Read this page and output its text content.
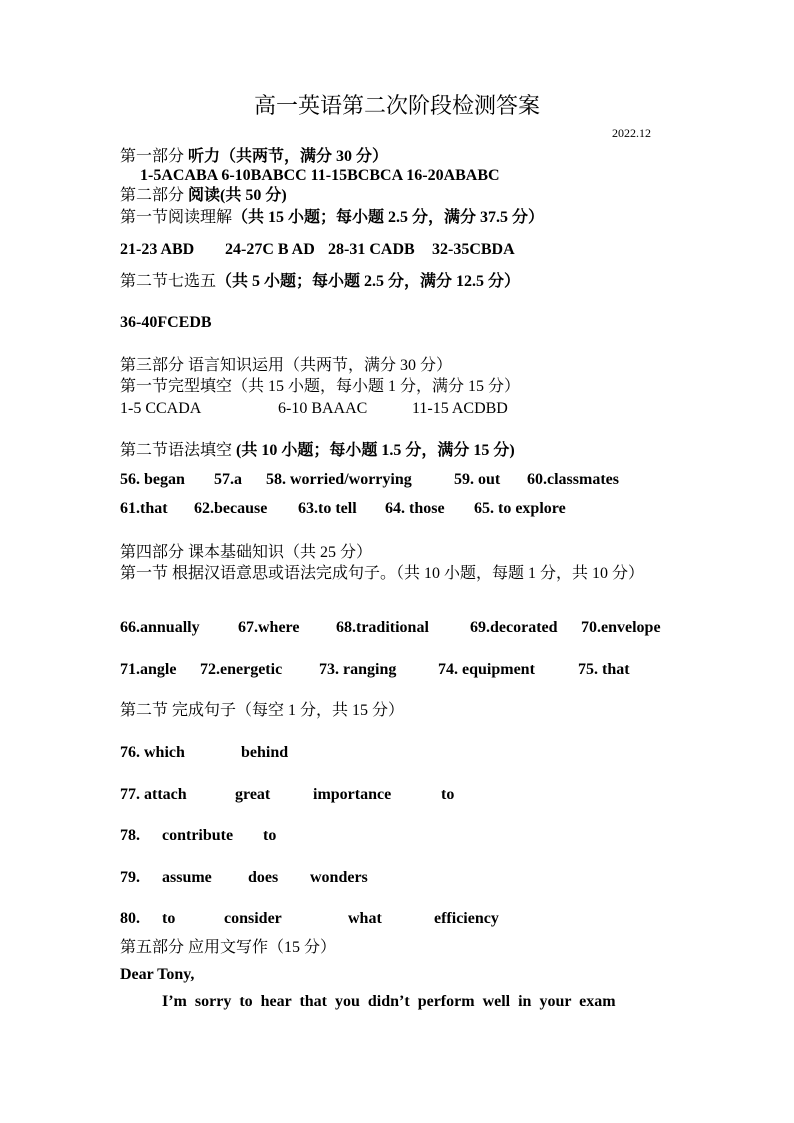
高一英语第二次阶段检测答案
2022.12
第一部分 听力（共两节，满分 30 分）
1-5ACABA 6-10BABCC 11-15BCBCA 16-20ABABC
第二部分 阅读(共 50 分)
第一节阅读理解（共 15 小题；每小题 2.5 分，满分 37.5 分）
21-23 ABD 24-27C B AD 28-31 CADB 32-35CBDA
第二节七选五（共 5 小题；每小题 2.5 分，满分 12.5 分）
36-40FCEDB
第三部分 语言知识运用（共两节，满分 30 分）
第一节完型填空（共 15 小题，每小题 1 分，满分 15 分）
1-5 CCADA	6-10 BAAAC	11-15 ACDBD
第二节语法填空 (共 10 小题；每小题 1.5 分，满分 15 分)
56. began 57.a 58. worried/worrying	59. out 60.classmates
61.that 62.because 63.to tell 64. those 65. to explore
第四部分 课本基础知识（共 25 分）
第一节 根据汉语意思或语法完成句子。（共 10 小题，每题 1 分，共 10 分）
66.annually 67.where 68.traditional	69.decorated 70.envelope
71.angle 72.energetic 73. ranging	74. equipment	75. that
第二节 完成句子（每空 1 分，共 15 分）
76. which	behind
77. attach	great	importance	to
78. contribute to
79. assume does wonders
80. to	consider	what	efficiency
第五部分 应用文写作（15 分）
Dear Tony,
I’m  sorry  to  hear  that  you  didn’t  perform  well  in  your  exam
